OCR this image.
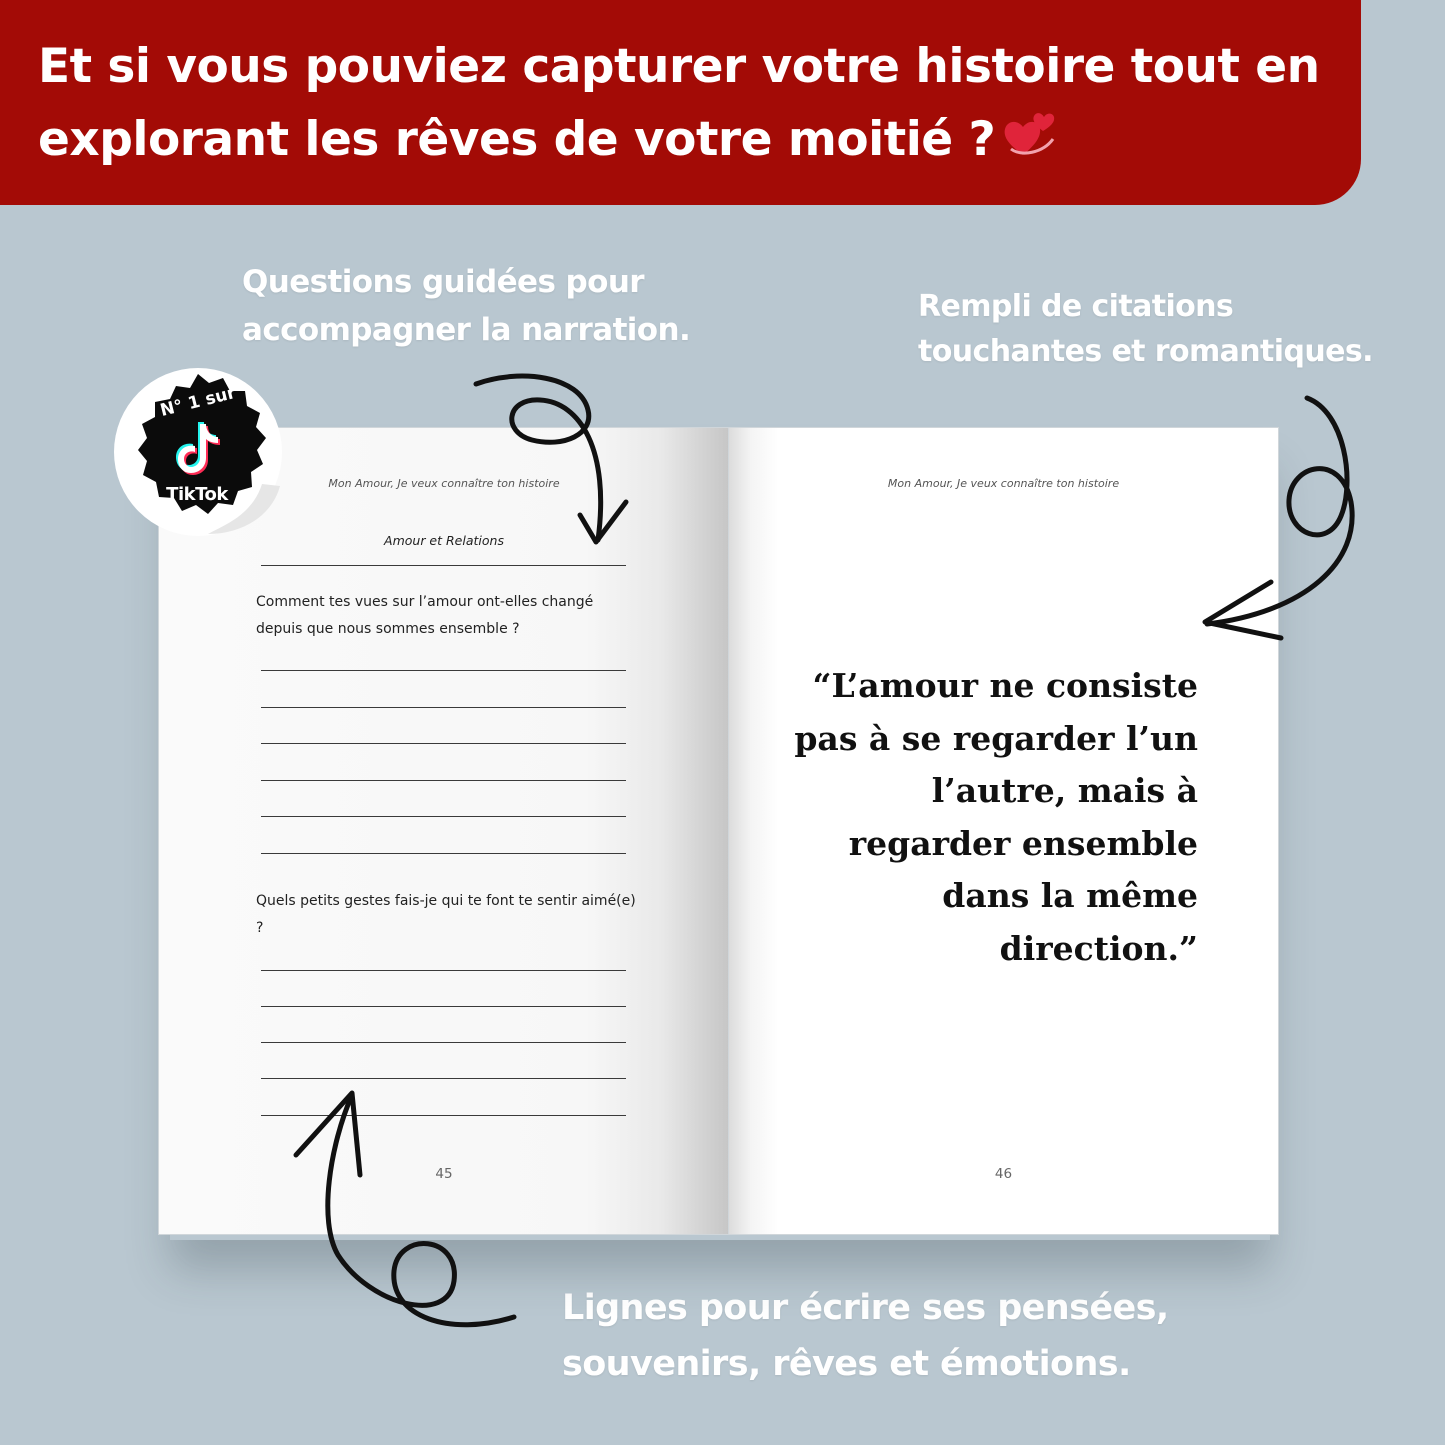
Et si vous pouviez capturer votre histoire tout en explorant les rêves de votre moitié ?
Questions guidées pour accompagner la narration.
Rempli de citations touchantes et romantiques.
Lignes pour écrire ses pensées, souvenirs, rêves et émotions.
Mon Amour, Je veux connaître ton histoire
Amour et Relations
Comment tes vues sur l’amour ont-elles changé depuis que nous sommes ensemble ?
Quels petits gestes fais-je qui te font te sentir aimé(e) ?
45
Mon Amour, Je veux connaître ton histoire
“L’amour ne consiste pas à se regarder l’un l’autre, mais à regarder ensemble dans la même direction.”
46
N° 1 sur
TikTok
